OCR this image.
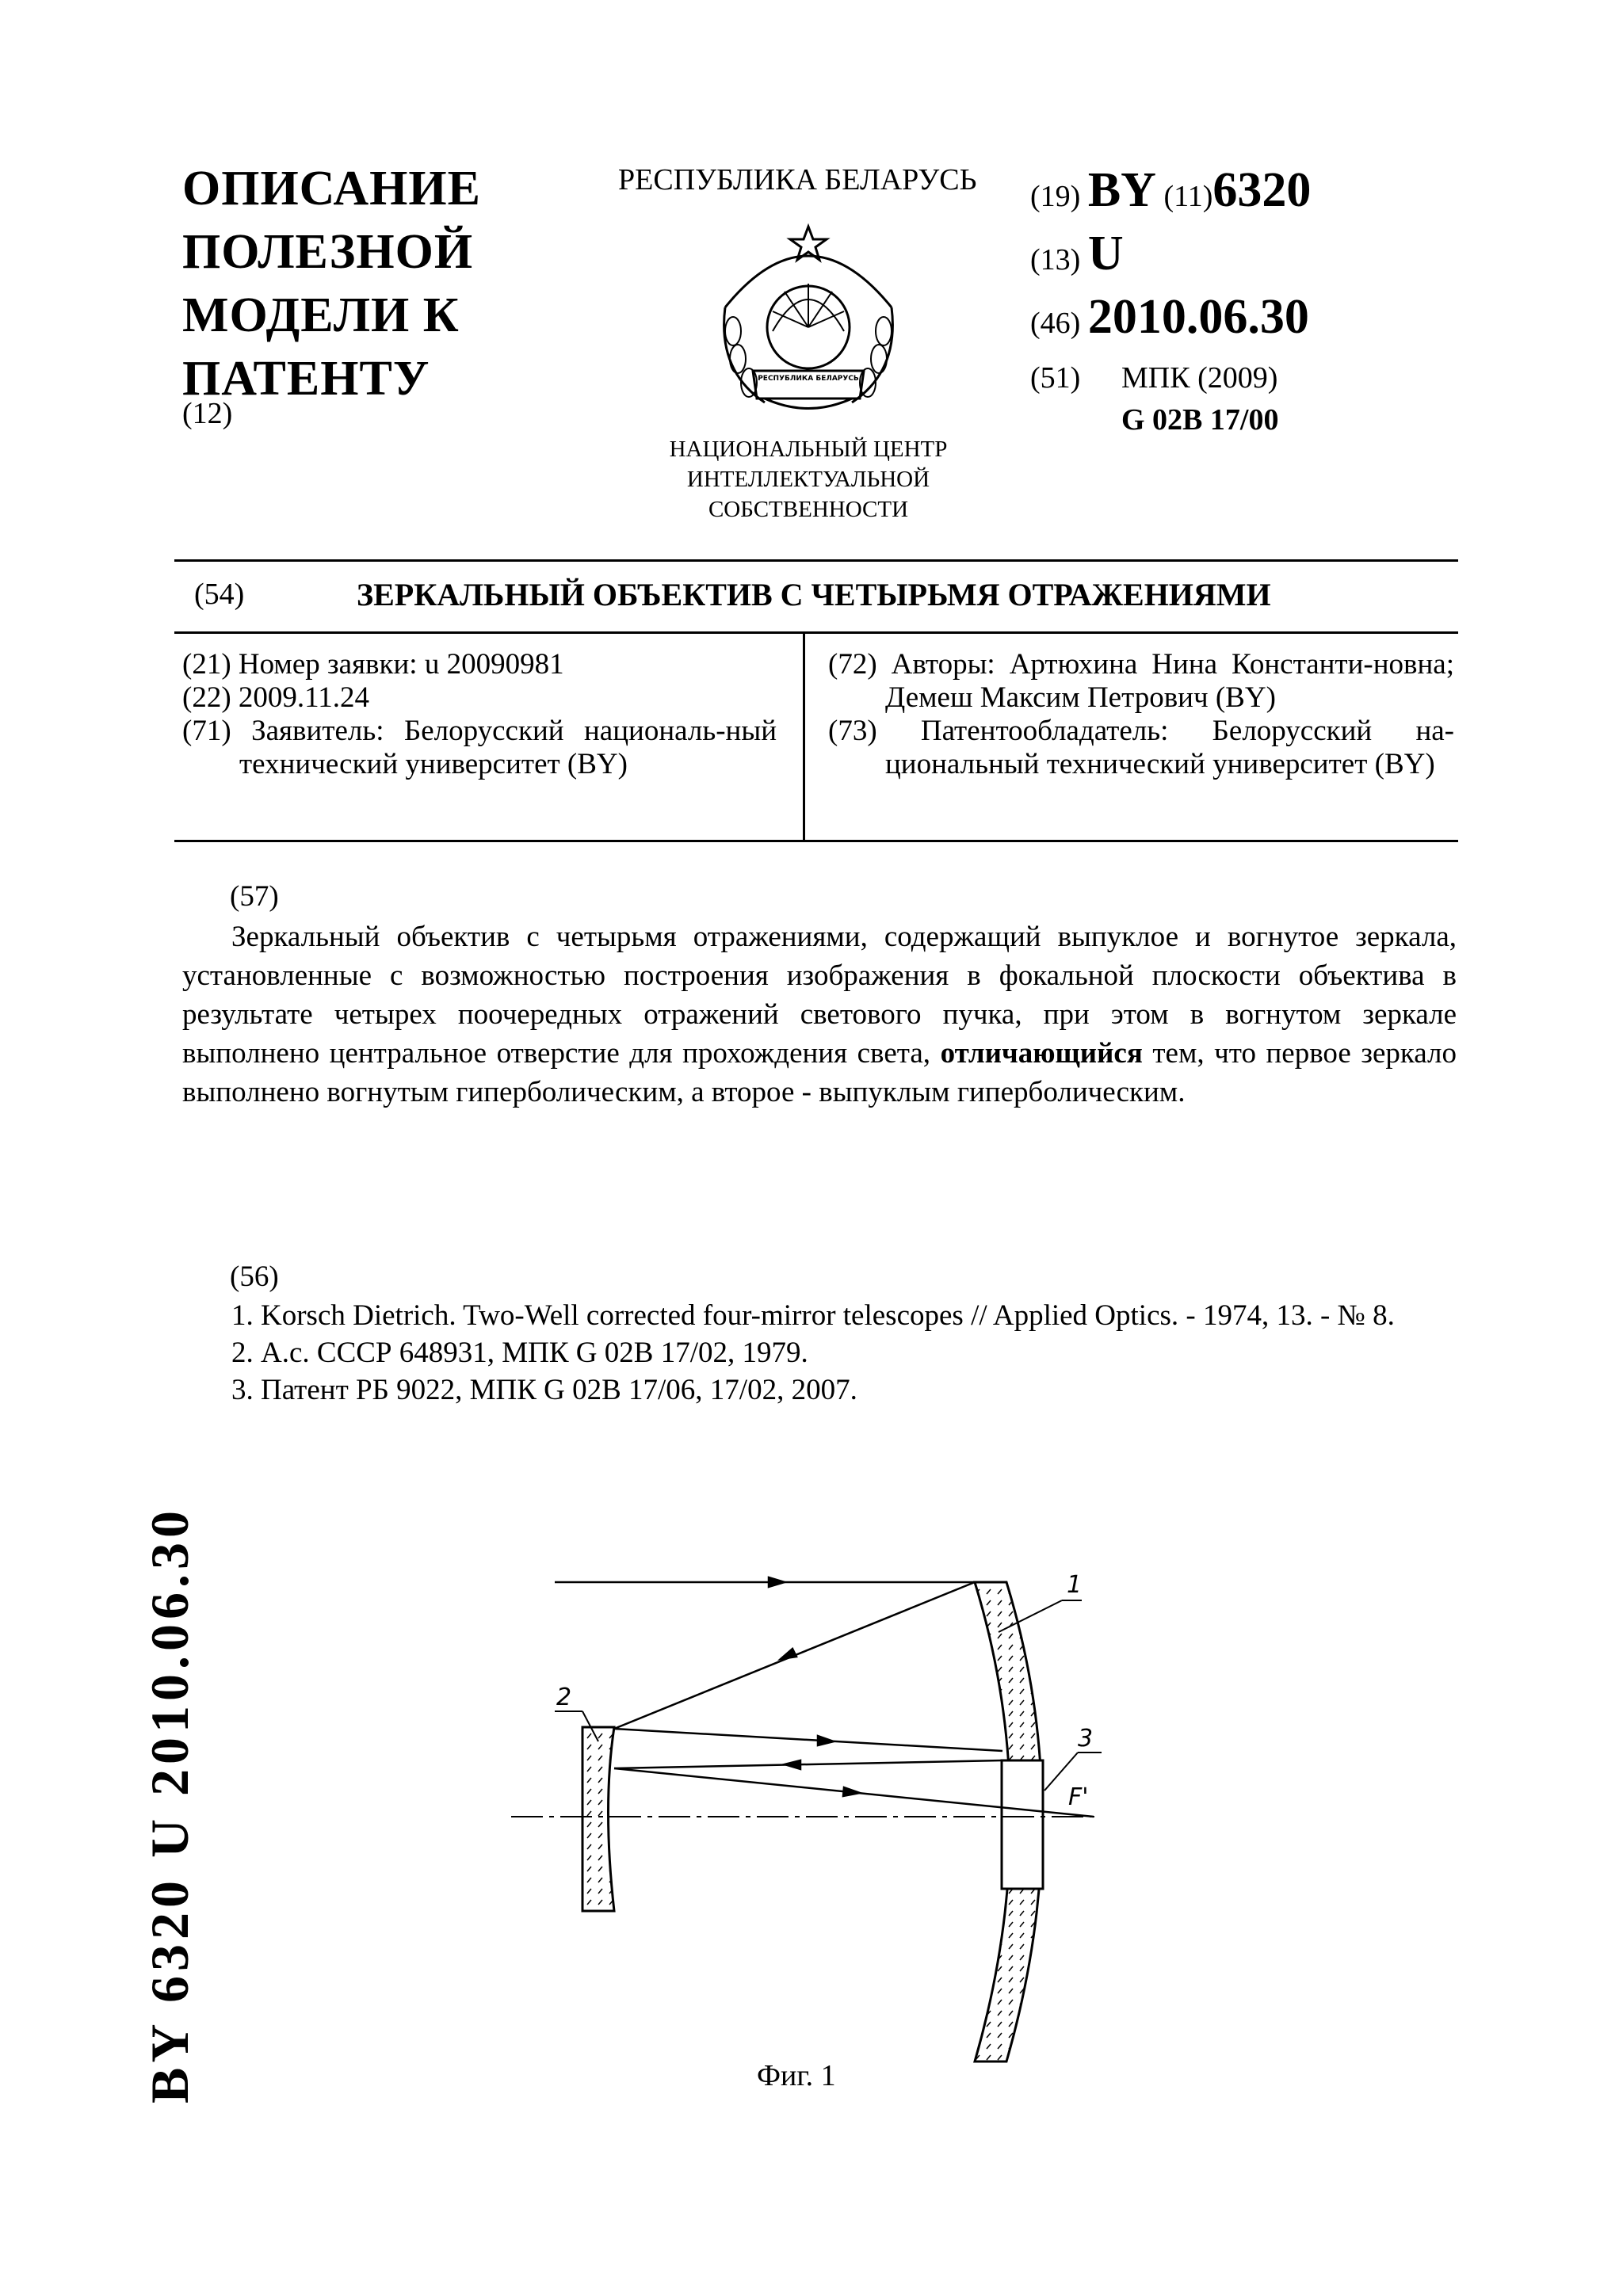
ОПИСАНИЕ
ПОЛЕЗНОЙ
МОДЕЛИ К
ПАТЕНТУ
(12)
РЕСПУБЛИКА БЕЛАРУСЬ
РЕСПУБЛИКА БЕЛАРУСЬ
НАЦИОНАЛЬНЫЙ ЦЕНТР
ИНТЕЛЛЕКТУАЛЬНОЙ
СОБСТВЕННОСТИ
(19) BY (11)6320
(13) U
(46) 2010.06.30
(51) МПК (2009)
G 02B 17/00
(54)	ЗЕРКАЛЬНЫЙ ОБЪЕКТИВ С ЧЕТЫРЬМЯ ОТРАЖЕНИЯМИ
(21) Номер заявки: u 20090981
(22) 2009.11.24
(71) Заявитель: Белорусский националь-ный технический университет (BY)
(72) Авторы: Артюхина Нина Константи-новна; Демеш Максим Петрович (BY)
(73) Патентообладатель: Белорусский на-циональный технический университет (BY)
(57)
Зеркальный объектив с четырьмя отражениями, содержащий выпуклое и вогнутое зеркала, установленные с возможностью построения изображения в фокальной плоскости объектива в результате четырех поочередных отражений светового пучка, при этом в вогнутом зеркале выполнено центральное отверстие для прохождения света, отличающийся тем, что первое зеркало выполнено вогнутым гиперболическим, а второе - выпуклым гиперболическим.
(56)
1. Korsch Dietrich. Two-Well corrected four-mirror telescopes // Applied Optics. - 1974, 13. - № 8.
2. А.с. СССР 648931, МПК G 02B 17/02, 1979.
3. Патент РБ 9022, МПК G 02B 17/06, 17/02, 2007.
1
2
3
F'
Фиг. 1
BY 6320 U 2010.06.30
